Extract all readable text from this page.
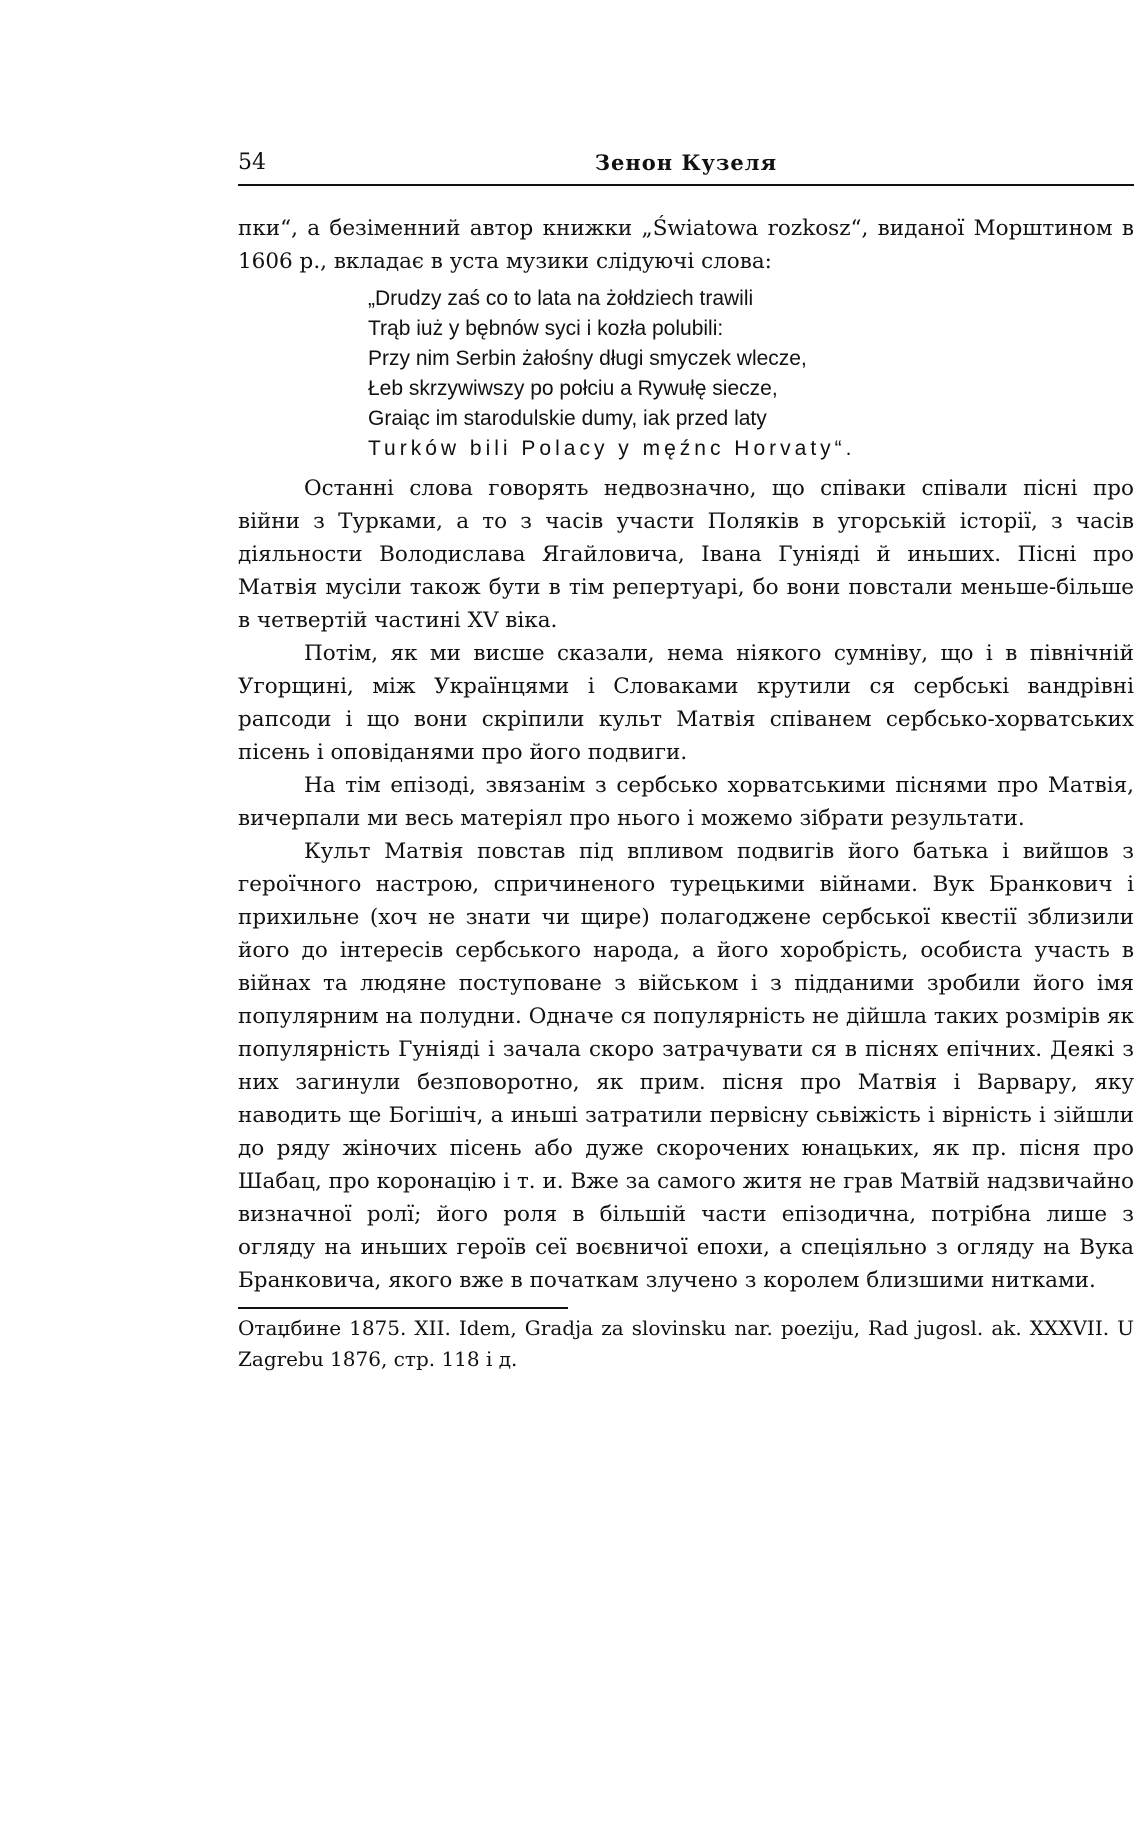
54	Зенон Кузеля

пки“, а безіменний автор книжки „Światowa rozkosz“, виданої Морштином в 1606 р., вкладає в уста музики слідуючі слова:

„Drudzy zaś co to lata na żołdziech trawili
Trąb iuż y bębnów syci i kozła polubili:
Przy nim Serbin żałośny długi smyczek wlecze,
Łeb skrzywiwszy po połciu a Rywułę siecze,
Graiąc im starodulskie dumy, iak przed laty
Turków bili Polacy y męźnc Horvaty“.

Останні слова говорять недвозначно, що співаки співали пісні про війни з Турками, а то з часів участи Поляків в угорській історії, з часів діяльности Володислава Ягайловича, Івана Гуніяді й иньших. Пісні про Матвія мусіли також бути в тім репертуарі, бо вони повстали меньше-більше в четвертій частині XV віка.

Потім, як ми висше сказали, нема ніякого сумніву, що і в північній Угорщині, між Українцями і Словаками крутили ся сербські вандрівні рапсоди і що вони скріпили культ Матвія співанем сербсько-хорватських пісень і оповіданями про його подвиги.

На тім епізоді, звязанім з сербсько хорватськими піснями про Матвія, вичерпали ми весь матеріял про нього і можемо зібрати результати.

Культ Матвія повстав під впливом подвигів його батька і вийшов з героїчного настрою, спричиненого турецькими війнами. Вук Бранкович і прихильне (хоч не знати чи щире) полагоджене сербської квестії зблизили його до інтересів сербського народа, а його хоробрість, особиста участь в війнах та людяне поступоване з військом і з підданими зробили його імя популярним на полудни. Одначе ся популярність не дійшла таких розмірів як популярність Гуніяді і зачала скоро затрачувати ся в піснях епічних. Деякі з них загинули безповоротно, як прим. пісня про Матвія і Варвару, яку наводить ще Богішіч, а иньші затратили первісну сьвіжість і вірність і зійшли до ряду жіночих пісень або дуже скорочених юнацьких, як пр. пісня про Шабац, про коронацію і т. и. Вже за самого житя не грав Матвій надзвичайно визначної ролї; його роля в більшій части епізодична, потрібна лише з огляду на иньших героїв сеї воєвничої епохи, а спеціяльно з огляду на Вука Бранковича, якого вже в початкам злучено з королем близшими нитками.

Отаџбине 1875. XII. Idem, Gradja za slovinsku nar. poeziju, Rad jugosl. ak. XXXVII. U Zagrebu 1876, стр. 118 і д.
